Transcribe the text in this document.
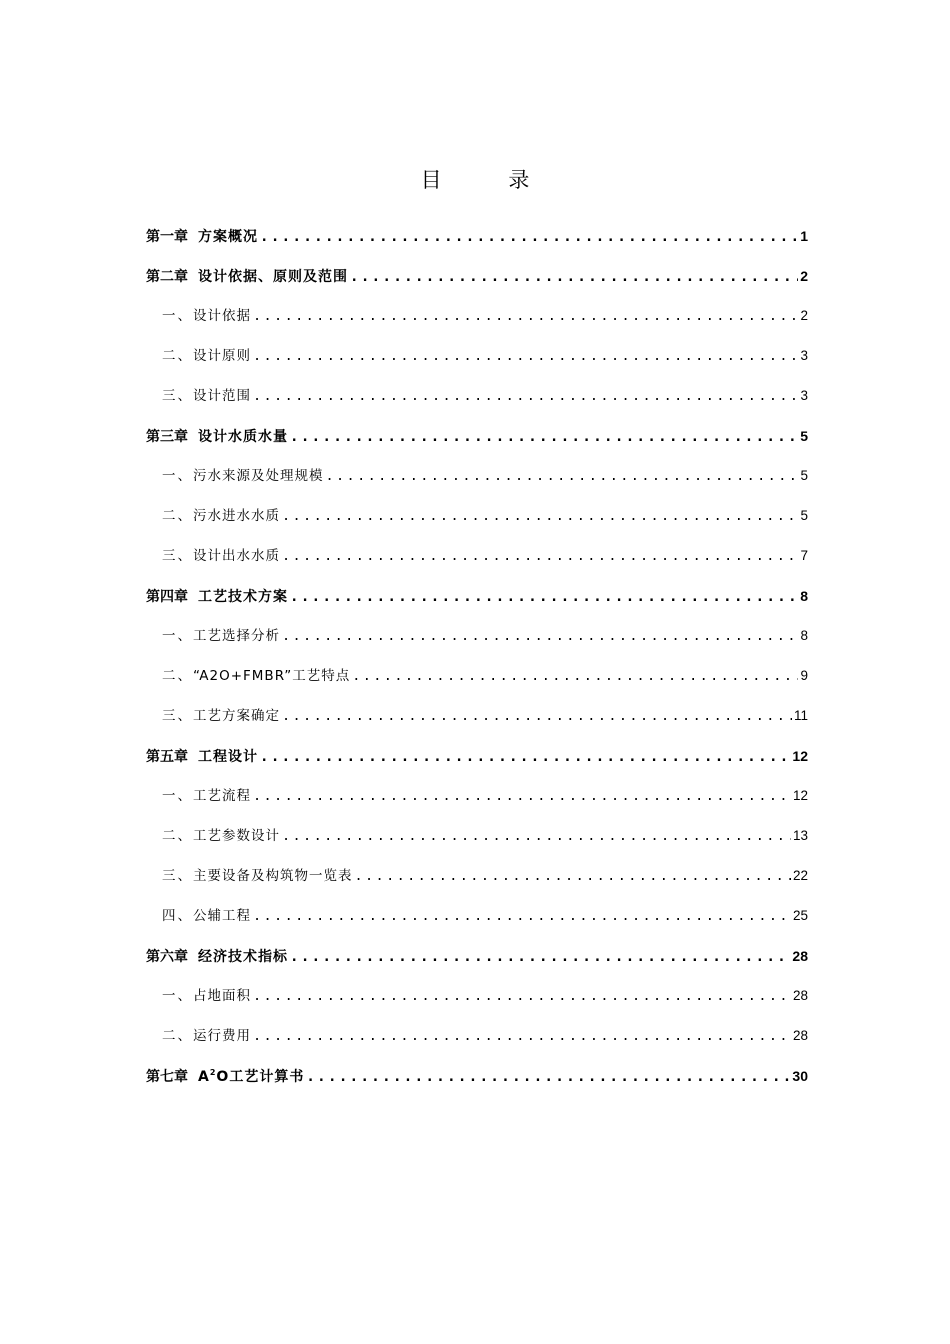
目 录
第一章 方案概况 .....	1
第二章 设计依据、原则及范围 .....	2
一 、 设计依据 .....	2
二 、 设计原则 .....	3
三 、 设计范围 .....	3
第三章 设计水质水量 .....	5
一 、 污水来源及处理规模 .....	5
二 、 污水进水水质 .....	5
三 、 设计出水水质 .....	7
第四章 工艺技术方案 .....	8
一 、 工艺选择分析 .....	8
二 、 “A2O+FMBR”工艺特点 .....	9
三 、 工艺方案确定 .....	11
第五章 工程设计 .....	12
一 、 工艺流程 .....	12
二 、 工艺参数设计 .....	13
三 、 主要设备及构筑物一览表 .....	22
四 、 公辅工程 .....	25
第六章 经济技术指标 .....	28
一 、 占地面积 .....	28
二 、 运行费用 .....	28
第七章 $A^2O$工艺计算书 .....	30
